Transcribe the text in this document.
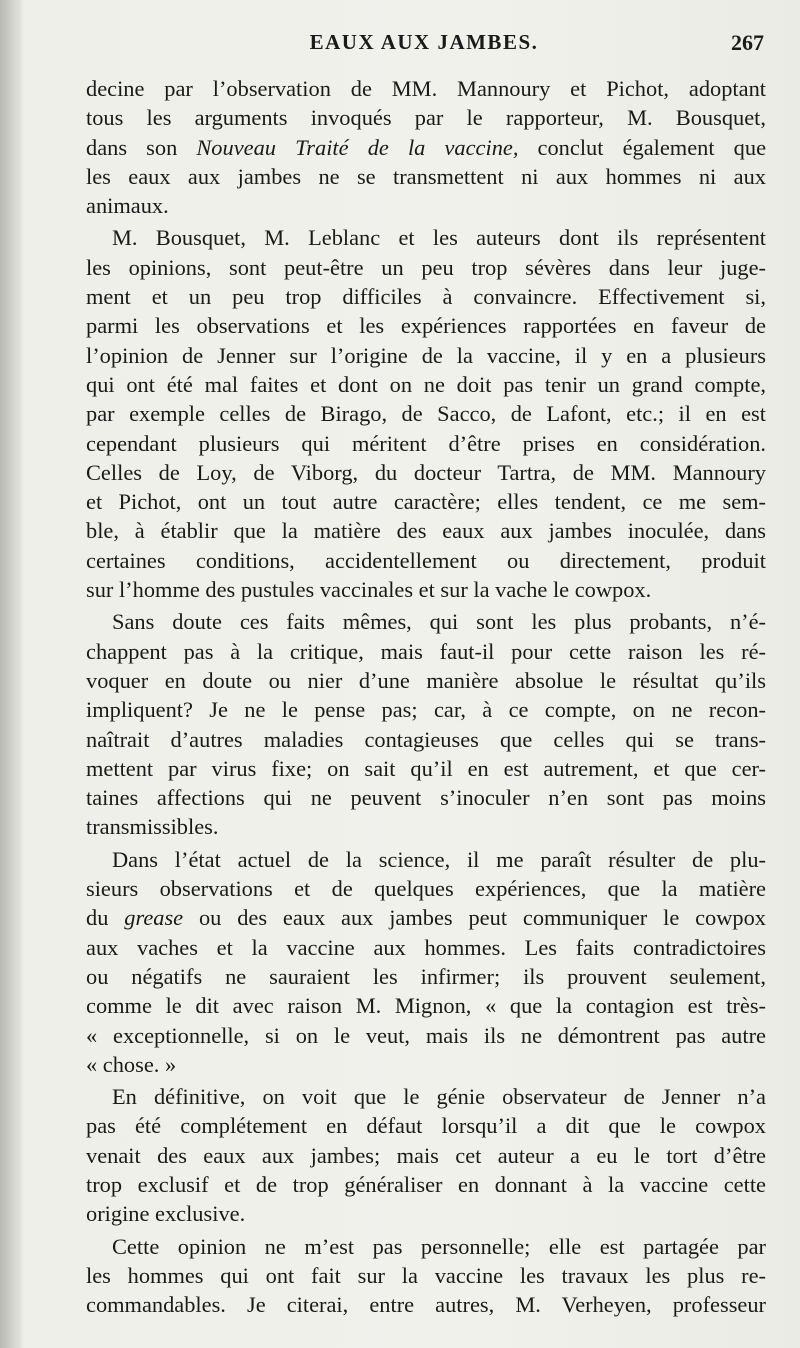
EAUX AUX JAMBES.	267
decine par l’observation de MM. Mannoury et Pichot, adoptant
tous les arguments invoqués par le rapporteur, M. Bousquet,
dans son Nouveau Traité de la vaccine, conclut également que
les eaux aux jambes ne se transmettent ni aux hommes ni aux
animaux.
M. Bousquet, M. Leblanc et les auteurs dont ils représentent
les opinions, sont peut-être un peu trop sévères dans leur juge-
ment et un peu trop difficiles à convaincre. Effectivement si,
parmi les observations et les expériences rapportées en faveur de
l’opinion de Jenner sur l’origine de la vaccine, il y en a plusieurs
qui ont été mal faites et dont on ne doit pas tenir un grand compte,
par exemple celles de Birago, de Sacco, de Lafont, etc.; il en est
cependant plusieurs qui méritent d’être prises en considération.
Celles de Loy, de Viborg, du docteur Tartra, de MM. Mannoury
et Pichot, ont un tout autre caractère; elles tendent, ce me sem-
ble, à établir que la matière des eaux aux jambes inoculée, dans
certaines conditions, accidentellement ou directement, produit
sur l’homme des pustules vaccinales et sur la vache le cowpox.
Sans doute ces faits mêmes, qui sont les plus probants, n’é-
chappent pas à la critique, mais faut-il pour cette raison les ré-
voquer en doute ou nier d’une manière absolue le résultat qu’ils
impliquent? Je ne le pense pas; car, à ce compte, on ne recon-
naîtrait d’autres maladies contagieuses que celles qui se trans-
mettent par virus fixe; on sait qu’il en est autrement, et que cer-
taines affections qui ne peuvent s’inoculer n’en sont pas moins
transmissibles.
Dans l’état actuel de la science, il me paraît résulter de plu-
sieurs observations et de quelques expériences, que la matière
du grease ou des eaux aux jambes peut communiquer le cowpox
aux vaches et la vaccine aux hommes. Les faits contradictoires
ou négatifs ne sauraient les infirmer; ils prouvent seulement,
comme le dit avec raison M. Mignon, « que la contagion est très-
« exceptionnelle, si on le veut, mais ils ne démontrent pas autre
« chose. »
En définitive, on voit que le génie observateur de Jenner n’a
pas été complétement en défaut lorsqu’il a dit que le cowpox
venait des eaux aux jambes; mais cet auteur a eu le tort d’être
trop exclusif et de trop généraliser en donnant à la vaccine cette
origine exclusive.
Cette opinion ne m’est pas personnelle; elle est partagée par
les hommes qui ont fait sur la vaccine les travaux les plus re-
commandables. Je citerai, entre autres, M. Verheyen, professeur
